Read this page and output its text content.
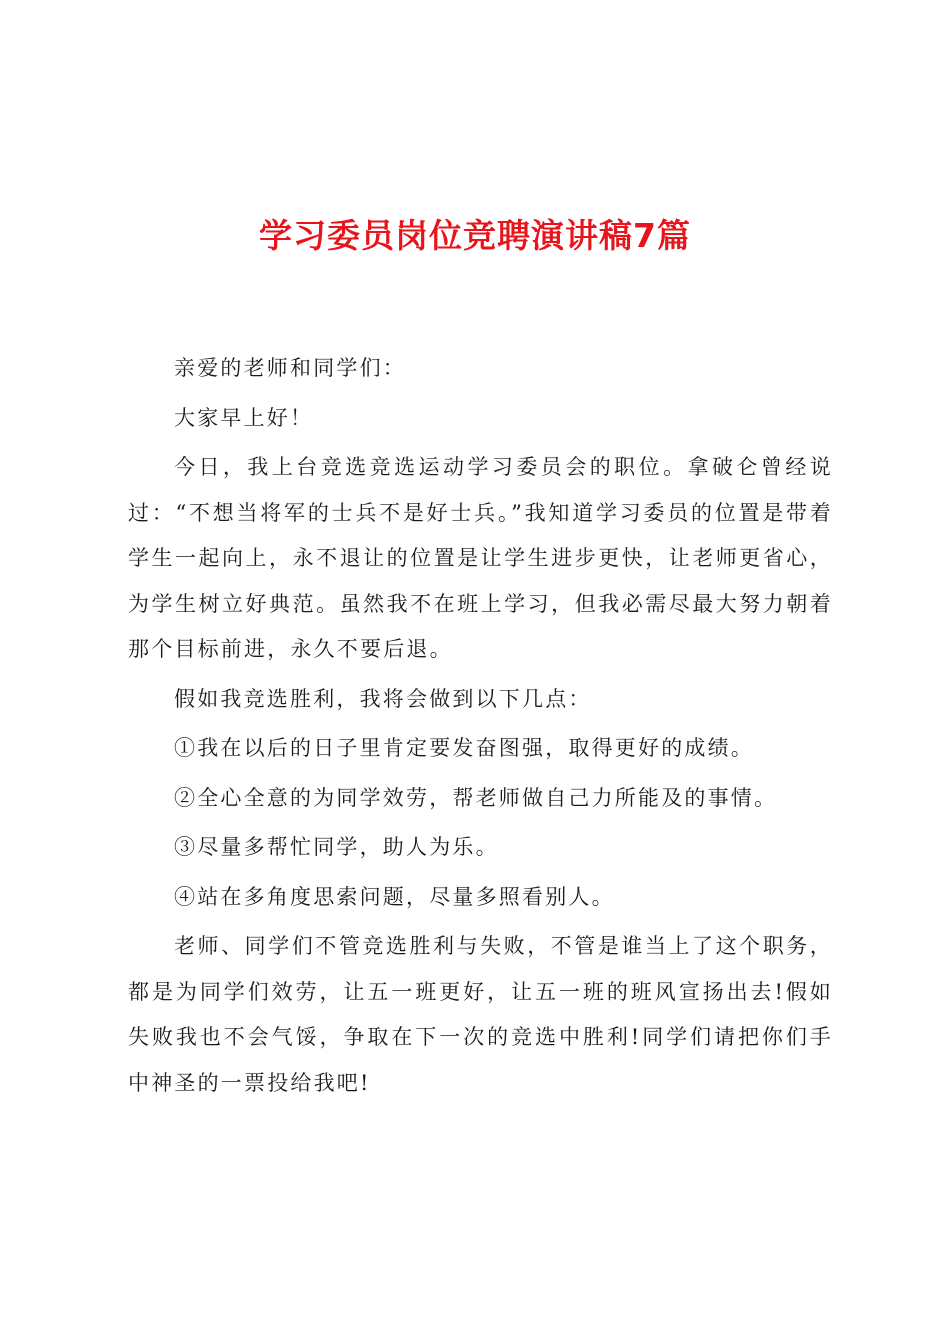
学习委员岗位竞聘演讲稿7篇

亲爱的老师和同学们：

大家早上好！

今日，我上台竞选竞选运动学习委员会的职位。拿破仑曾经说过：“不想当将军的士兵不是好士兵。”我知道学习委员的位置是带着学生一起向上，永不退让的位置是让学生进步更快，让老师更省心，为学生树立好典范。虽然我不在班上学习，但我必需尽最大努力朝着那个目标前进，永久不要后退。

假如我竞选胜利，我将会做到以下几点：

①我在以后的日子里肯定要发奋图强，取得更好的成绩。

②全心全意的为同学效劳，帮老师做自己力所能及的事情。

③尽量多帮忙同学，助人为乐。

④站在多角度思索问题，尽量多照看别人。

老师、同学们不管竞选胜利与失败，不管是谁当上了这个职务，都是为同学们效劳，让五一班更好，让五一班的班风宣扬出去!假如失败我也不会气馁，争取在下一次的竞选中胜利!同学们请把你们手中神圣的一票投给我吧!
